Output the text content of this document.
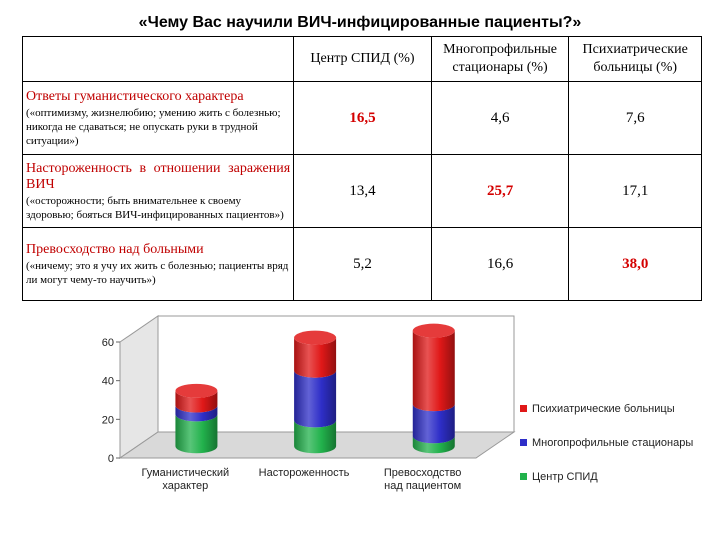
«Чему Вас научили ВИЧ-инфицированные пациенты?»
	Центр СПИД (%)	Многопрофильные стационары (%)	Психиатрические больницы (%)
Ответы гуманистического характера
(«оптимизму, жизнелюбию; умению жить с болезнью; никогда не сдаваться; не опускать руки в трудной ситуации»)	16,5	4,6	7,6

Настороженность в отношении заражения ВИЧ
(«осторожности; быть внимательнее к своему здоровью; бояться ВИЧ-инфицированных пациентов»)	13,4	25,7	17,1
Превосходство над больными
(«ничему; это я учу их жить с болезнью; пациенты вряд ли могут чему-то научить»)	5,2	16,6	38,0
0
20
40
60
Гуманистический характер
Настороженность	Превосходство над пациентом
Психиатрические больницы
Многопрофильные стационары
Центр СПИД
